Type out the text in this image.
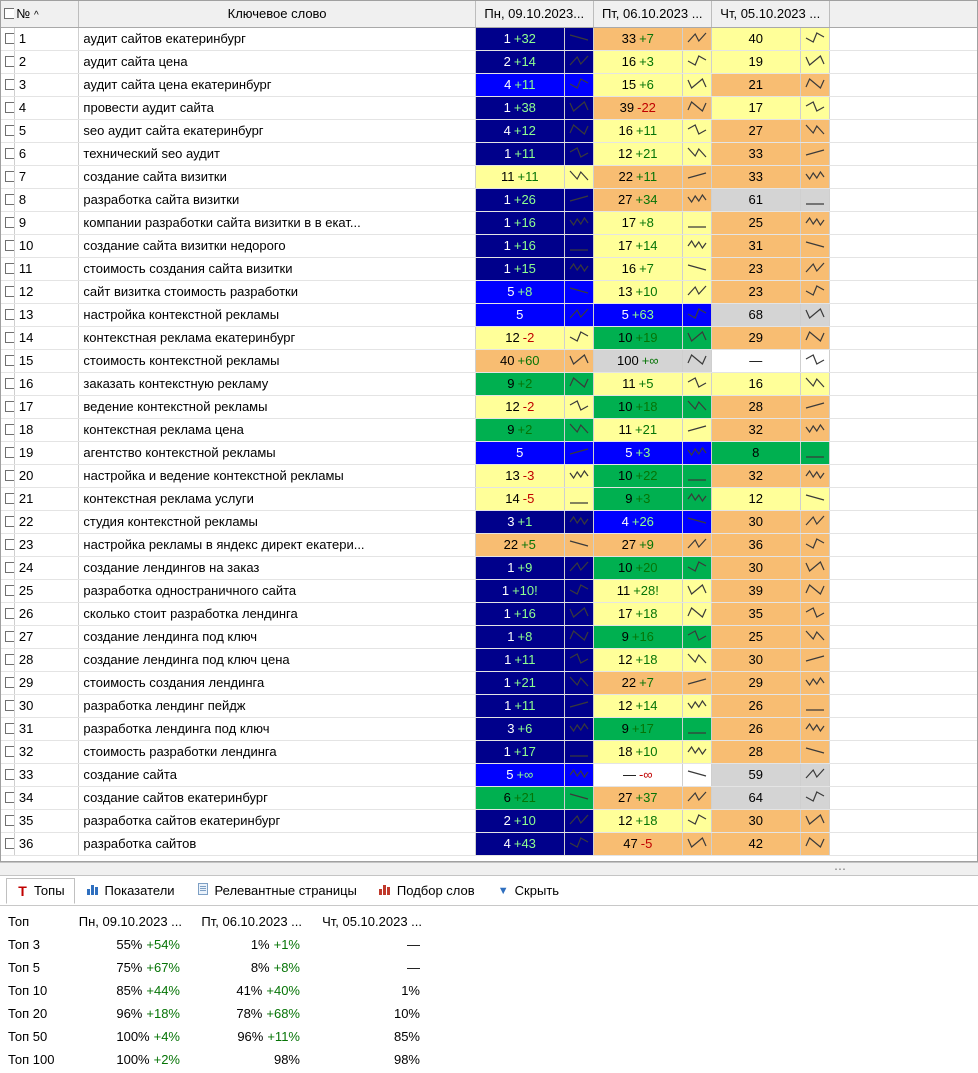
	№ ^	Ключевое слово	Пн, 09.10.2023...		Пт, 06.10.2023 ...		Чт, 05.10.2023 ...		
	1	аудит сайтов екатеринбург	1 +32		33 +7		40	

	2	аудит сайта цена	2 +14		16 +3		19	

	3	аудит сайта цена екатеринбург	4 +11		15 +6		21	

	4	провести аудит сайта	1 +38		39 -22		17	

	5	seo аудит сайта екатеринбург	4 +12		16 +11		27	

	6	технический seo аудит	1 +11		12 +21		33	

	7	создание сайта визитки	11 +11		22 +11		33	

	8	разработка сайта визитки	1 +26		27 +34		61	

	9	компании разработки сайта визитки в в екат...	1 +16		17 +8		25	

	10	создание сайта визитки недорого	1 +16		17 +14		31	

	11	стоимость создания сайта визитки	1 +15		16 +7		23	

	12	сайт визитка стоимость разработки	5 +8		13 +10		23	

	13	настройка контекстной рекламы	5		5 +63		68	

	14	контекстная реклама екатеринбург	12 -2		10 +19		29	

	15	стоимость контекстной рекламы	40 +60		100 +∞		—	

	16	заказать контекстную рекламу	9 +2		11 +5		16	

	17	ведение контекстной рекламы	12 -2		10 +18		28	

	18	контекстная реклама цена	9 +2		11 +21		32	

	19	агентство контекстной рекламы	5		5 +3		8	

	20	настройка и ведение контекстной рекламы	13 -3		10 +22		32	

	21	контекстная реклама услуги	14 -5		9 +3		12	

	22	студия контекстной рекламы	3 +1		4 +26		30	

	23	настройка рекламы в яндекс директ екатери...	22 +5		27 +9		36	

	24	создание лендингов на заказ	1 +9		10 +20		30	

	25	разработка одностраничного сайта	1 +10!		11 +28!		39	

	26	сколько стоит разработка лендинга	1 +16		17 +18		35	

	27	создание лендинга под ключ	1 +8		9 +16		25	

	28	создание лендинга под ключ цена	1 +11		12 +18		30	

	29	стоимость создания лендинга	1 +21		22 +7		29	

	30	разработка лендинг пейдж	1 +11		12 +14		26	

	31	разработка лендинга под ключ	3 +6		9 +17		26	

	32	стоимость разработки лендинга	1 +17		18 +10		28	

	33	создание сайта	5 +∞		— -∞		59	

	34	создание сайтов екатеринбург	6 +21		27 +37		64	

	35	разработка сайтов екатеринбург	2 +10		12 +18		30	

	36	разработка сайтов	4 +43		47 -5		42	

⋯
T Топы	Показатели	Релевантные страницы	Подбор слов ▼ Скрыть
Топ	Пн, 09.10.2023 ...	Пт, 06.10.2023 ...	Чт, 05.10.2023 ...
Топ 3	55% +54%	1% +1%	—
Топ 5	75% +67%	8% +8%	—
Топ 10	85% +44%	41% +40%	1%
Топ 20	96% +18%	78% +68%	10%
Топ 50	100% +4%	96% +11%	85%
Топ 100	100% +2%	98%	98%
